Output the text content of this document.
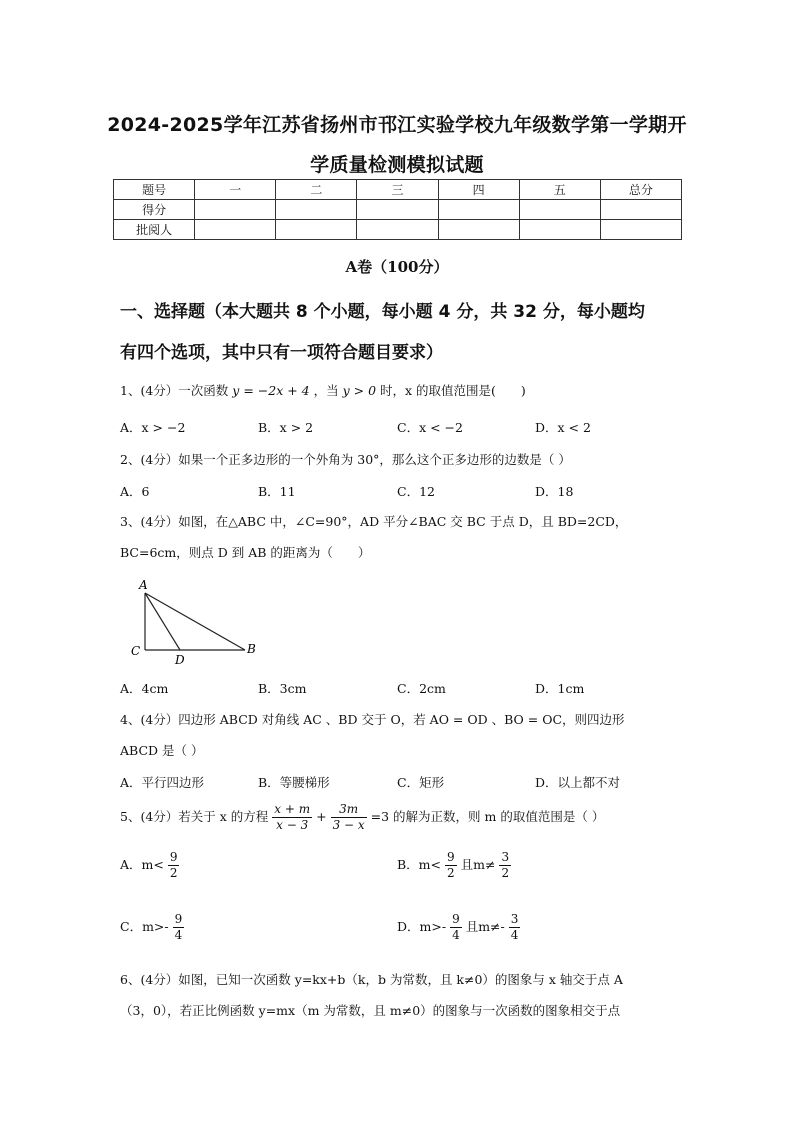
2024-2025学年江苏省扬州市邗江实验学校九年级数学第一学期开
学质量检测模拟试题
题号	一	二	三	四	五	总分
得分						
批阅人						
A卷（100分）
一、选择题（本大题共 8 个小题，每小题 4 分，共 32 分，每小题均
有四个选项，其中只有一项符合题目要求）
1、(4分）一次函数 y = −2x + 4 ，当 y > 0 时，x 的取值范围是(　　)
A．x > −2	B．x > 2	C．x < −2	D．x < 2
2、(4分）如果一个正多边形的一个外角为 30°，那么这个正多边形的边数是（ ）
A．6	B．11	C．12	D．18
3、(4分）如图，在△ABC 中，∠C=90°，AD 平分∠BAC 交 BC 于点 D，且 BD=2CD，
BC=6cm，则点 D 到 AB 的距离为（　　）
A
C
D
B
A．4cm	B．3cm	C．2cm	D．1cm
4、(4分）四边形 ABCD 对角线 AC 、BD 交于 O，若 AO = OD 、BO = OC，则四边形
ABCD 是（ ）
A．平行四边形	B．等腰梯形	C．矩形	D．以上都不对
5、(4分）若关于 x 的方程 $\frac{x + m}{x - 3} + \frac{3m}{3 - x} =3$ 的解为正数，则 m 的取值范围是（ ）
A．$m< \frac{9}{2}$	B．$m< \frac{9}{2}$ 且$m\ne \frac{3}{2}$
C．$m>- \frac{9}{4}$	D．$m>- \frac{9}{4}$ 且$m\ne- \frac{3}{4}$
6、(4分）如图，已知一次函数 y=kx+b（k，b 为常数，且 k≠0）的图象与 x 轴交于点 A
（3，0），若正比例函数 y=mx（m 为常数，且 m≠0）的图象与一次函数的图象相交于点
